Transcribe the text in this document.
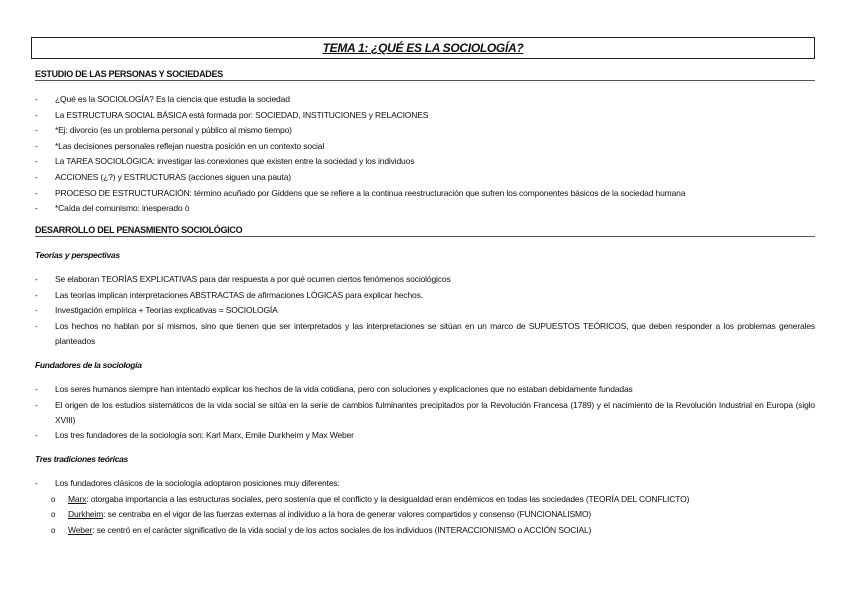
TEMA 1: ¿QUÉ ES LA SOCIOLOGÍA?
ESTUDIO DE LAS PERSONAS Y SOCIEDADES
- ¿Qué es la SOCIOLOGÍA? Es la ciencia que estudia la sociedad
- La ESTRUCTURA SOCIAL BÁSICA está formada por: SOCIEDAD, INSTITUCIONES y RELACIONES
- *Ej: divorcio (es un problema personal y público al mismo tiempo)
- *Las decisiones personales reflejan nuestra posición en un contexto social
- La TAREA SOCIOLÓGICA: investigar las conexiones que existen entre la sociedad y los individuos
- ACCIONES (¿?) y ESTRUCTURAS (acciones siguen una pauta)
- PROCESO DE ESTRUCTURACIÓN: término acuñado por Giddens que se refiere a la continua reestructuración que sufren los componentes básicos de la sociedad humana
- *Caída del comunismo: inesperado ö
DESARROLLO DEL PENASMIENTO SOCIOLÓGICO
Teorías y perspectivas
- Se elaboran TEORÍAS EXPLICATIVAS para dar respuesta a por qué ocurren ciertos fenómenos sociológicos
- Las teorías implican interpretaciones ABSTRACTAS de afirmaciones LÓGICAS para explicar hechos.
- Investigación empírica + Teorías explicativas = SOCIOLOGÍA
- Los hechos no hablan por sí mismos, sino que tienen que ser interpretados y las interpretaciones se sitúan en un marco de SUPUESTOS TEÓRICOS, que deben responder a los problemas generales planteados
Fundadores de la sociología
- Los seres humanos siempre han intentado explicar los hechos de la vida cotidiana, pero con soluciones y explicaciones que no estaban debidamente fundadas
- El origen de los estudios sistemáticos de la vida social se sitúa en la serie de cambios fulminantes precipitados por la Revolución Francesa (1789) y el nacimiento de la Revolución Industrial en Europa (siglo XVIII)
- Los tres fundadores de la sociología son: Karl Marx, Emile Durkheim y Max Weber
Tres tradiciones teóricas
- Los fundadores clásicos de la sociología adoptaron posiciones muy diferentes:
o Marx: otorgaba importancia a las estructuras sociales, pero sostenía que el conflicto y la desigualdad eran endémicos en todas las sociedades (TEORÍA DEL CONFLICTO)
o Durkheim: se centraba en el vigor de las fuerzas externas al individuo a la hora de generar valores compartidos y consenso (FUNCIONALISMO)
o Weber: se centró en el carácter significativo de la vida social y de los actos sociales de los individuos (INTERACCIONISMO o ACCIÓN SOCIAL)
